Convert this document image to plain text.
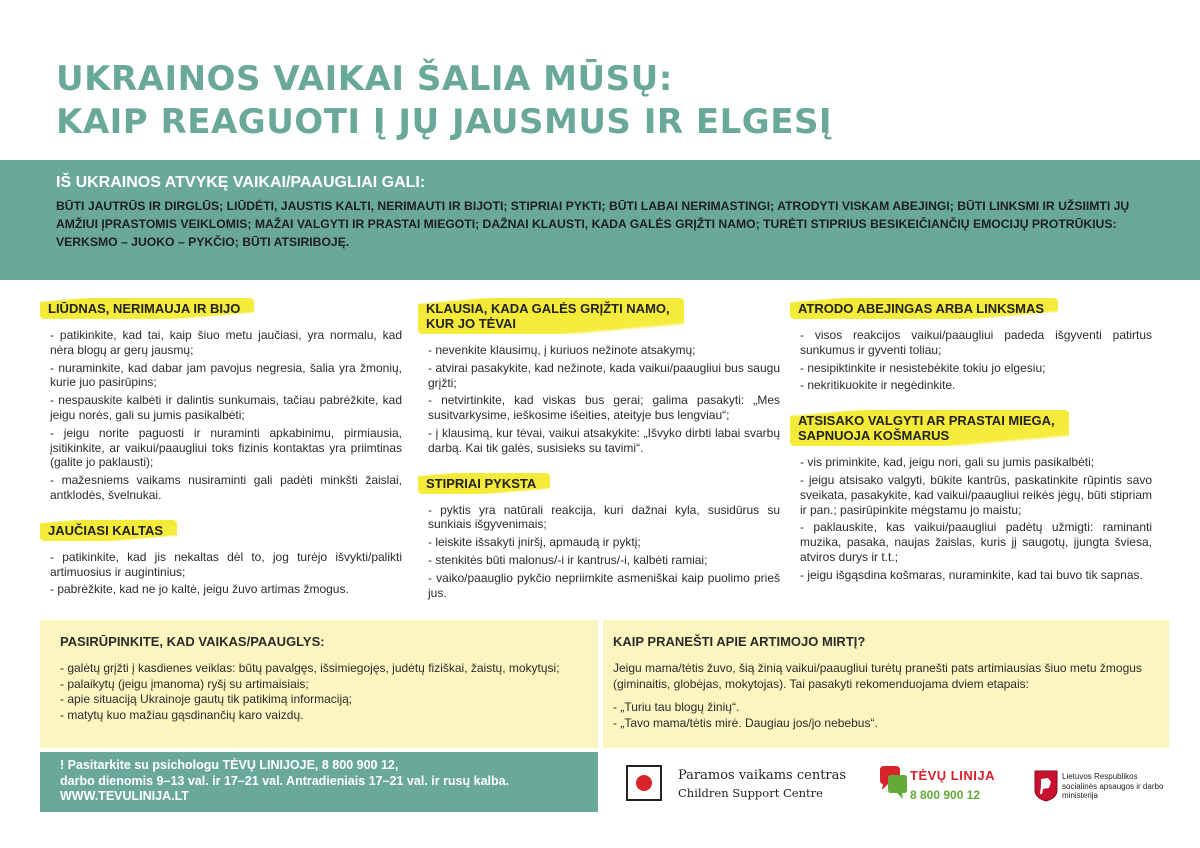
UKRAINOS VAIKAI ŠALIA MŪSŲ:
KAIP REAGUOTI Į JŲ JAUSMUS IR ELGESĮ
IŠ UKRAINOS ATVYKĘ VAIKAI/PAAUGLIAI GALI:
BŪTI JAUTRŪS IR DIRGLŪS; LIŪDĖTI, JAUSTIS KALTI, NERIMAUTI IR BIJOTI; STIPRIAI PYKTI; BŪTI LABAI NERIMASTINGI; ATRODYTI VISKAM ABEJINGI; BŪTI LINKSMI IR UŽSIIMTI JŲ AMŽIUI ĮPRASTOMIS VEIKLOMIS; MAŽAI VALGYTI IR PRASTAI MIEGOTI; DAŽNAI KLAUSTI, KADA GALĖS GRĮŽTI NAMO; TURĖTI STIPRIUS BESIKEIČIANČIŲ EMOCIJŲ PROTRŪKIUS: VERKSMO – JUOKO – PYKČIO; BŪTI ATSIRIBOJĘ.
LIŪDNAS, NERIMAUJA IR BIJO

- patikinkite, kad tai, kaip šiuo metu jaučiasi, yra normalu, kad nėra blogų ar gerų jausmų;

- nuraminkite, kad dabar jam pavojus negresia, šalia yra žmonių, kurie juo pasirūpins;

- nespauskite kalbėti ir dalintis sunkumais, tačiau pabrėžkite, kad jeigu norės, gali su jumis pasikalbėti;

- jeigu norite paguosti ir nuraminti apkabinimu, pirmiausia, įsitikinkite, ar vaikui/paaugliui toks fizinis kontaktas yra priimtinas (galite jo paklausti);

- mažesniems vaikams nusiraminti gali padėti minkšti žaislai, antklodės, švelnukai.

JAUČIASI KALTAS

- patikinkite, kad jis nekaltas dėl to, jog turėjo išvykti/palikti artimuosius ir augintinius;

- pabrėžkite, kad ne jo kaltė, jeigu žuvo artimas žmogus.

KLAUSIA, KADA GALĖS GRĮŽTI NAMO,
KUR JO TĖVAI

- nevenkite klausimų, į kuriuos nežinote atsakymų;

- atvirai pasakykite, kad nežinote, kada vaikui/paaugliui bus saugu grįžti;

- netvirtinkite, kad viskas bus gerai; galima pasakyti: „Mes susitvarkysime, ieškosime išeities, ateityje bus lengviau“;

- į klausimą, kur tėvai, vaikui atsakykite: „Išvyko dirbti labai svarbų darbą. Kai tik galės, susisieks su tavimi“.

STIPRIAI PYKSTA

- pyktis yra natūrali reakcija, kuri dažnai kyla, susidūrus su sunkiais išgyvenimais;

- leiskite išsakyti įniršį, apmaudą ir pyktį;

- stenkitės būti malonus/-i ir kantrus/-i, kalbėti ramiai;

- vaiko/paauglio pykčio nepriimkite asmeniškai kaip puolimo prieš jus.

ATRODO ABEJINGAS ARBA LINKSMAS

- visos reakcijos vaikui/paaugliui padeda išgyventi patirtus sunkumus ir gyventi toliau;

- nesipiktinkite ir nesistebėkite tokiu jo elgesiu;

- nekritikuokite ir negėdinkite.

ATSISAKO VALGYTI AR PRASTAI MIEGA,
SAPNUOJA KOŠMARUS

- vis priminkite, kad, jeigu nori, gali su jumis pasikalbėti;

- jeigu atsisako valgyti, būkite kantrūs, paskatinkite rūpintis savo sveikata, pasakykite, kad vaikui/paaugliui reikės jėgų, būti stipriam ir pan.; pasirūpinkite mėgstamu jo maistu;

- paklauskite, kas vaikui/paaugliui padėtų užmigti: raminanti muzika, pasaka, naujas žaislas, kuris jį saugotų, įjungta šviesa, atviros durys ir t.t.;

- jeigu išgąsdina košmaras, nuraminkite, kad tai buvo tik sapnas.

PASIRŪPINKITE, KAD VAIKAS/PAAUGLYS:
- galėtų grįžti į kasdienes veiklas: būtų pavalgęs, išsimiegojęs, judėtų fiziškai, žaistų, mokytųsi;
- palaikytų (jeigu įmanoma) ryšį su artimaisiais;
- apie situaciją Ukrainoje gautų tik patikimą informaciją;
- matytų kuo mažiau gąsdinančių karo vaizdų.
KAIP PRANEŠTI APIE ARTIMOJO MIRTĮ?
Jeigu mama/tėtis žuvo, šią žinią vaikui/paaugliui turėtų pranešti pats artimiausias šiuo metu žmogus (giminaitis, globėjas, mokytojas). Tai pasakyti rekomenduojama dviem etapais:
- „Turiu tau blogų žinių“.
- „Tavo mama/tėtis mirė. Daugiau jos/jo nebebus“.
! Pasitarkite su psichologu TĖVŲ LINIJOJE, 8 800 900 12,
darbo dienomis 9–13 val. ir 17–21 val. Antradieniais 17–21 val. ir rusų kalba.
WWW.TEVULINIJA.LT
Paramos vaikams centras
Children Support Centre
TĖVŲ LINIJA
8 800 900 12
Lietuvos Respublikos socialinės apsaugos ir darbo ministerija
